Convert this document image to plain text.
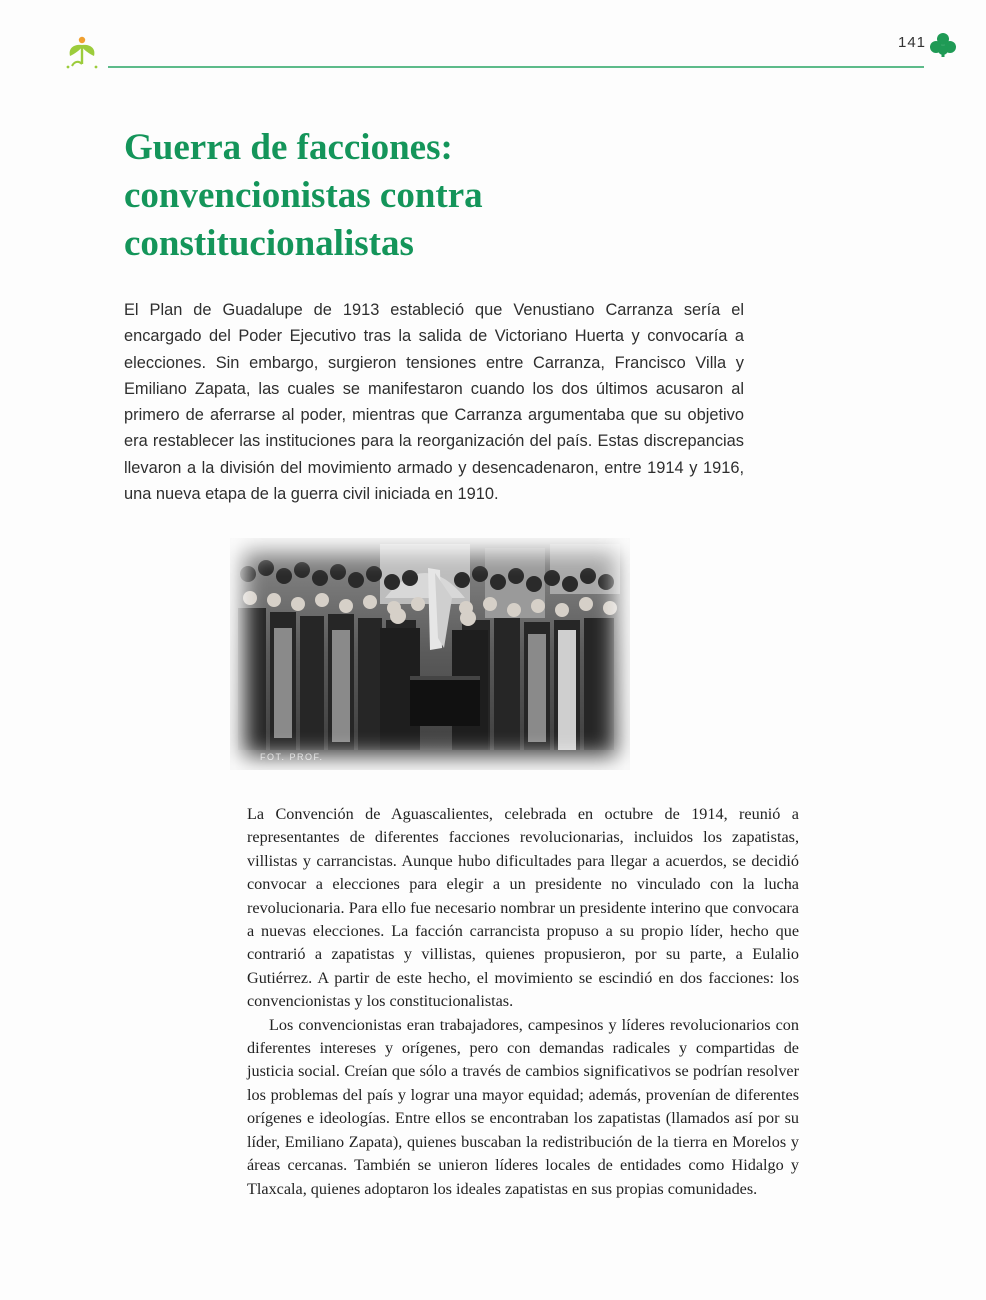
141
Guerra de facciones:
convencionistas contra
constitucionalistas

El Plan de Guadalupe de 1913 estableció que Venustiano Carranza sería el encargado del Poder Ejecutivo tras la salida de Victoriano Huerta y convocaría a elecciones. Sin embargo, surgieron tensiones entre Carranza, Francisco Villa y Emiliano Zapata, las cuales se manifestaron cuando los dos últimos acusaron al primero de aferrarse al poder, mientras que Carranza argumentaba que su objetivo era restablecer las instituciones para la reorganización del país. Estas discrepancias llevaron a la división del movimiento armado y desencadenaron, entre 1914 y 1916, una nueva etapa de la guerra civil iniciada en 1910.

FOT. PROF.

La Convención de Aguascalientes, celebrada en octubre de 1914, reunió a representantes de diferentes facciones revolucionarias, incluidos los zapatistas, villistas y carrancistas. Aunque hubo dificultades para llegar a acuerdos, se decidió convocar a elecciones para elegir a un presidente no vinculado con la lucha revolucionaria. Para ello fue necesario nombrar un presidente interino que convocara a nuevas elecciones. La facción carrancista propuso a su propio líder, hecho que contrarió a zapatistas y villistas, quienes propusieron, por su parte, a Eulalio Gutiérrez. A partir de este hecho, el movimiento se escindió en dos facciones: los convencionistas y los constitucionalistas.

Los convencionistas eran trabajadores, campesinos y líderes revolucionarios con diferentes intereses y orígenes, pero con demandas radicales y compartidas de justicia social. Creían que sólo a través de cambios significativos se podrían resolver los problemas del país y lograr una mayor equidad; además, provenían de diferentes orígenes e ideologías. Entre ellos se encontraban los zapatistas (llamados así por su líder, Emiliano Zapata), quienes buscaban la redistribución de la tierra en Morelos y áreas cercanas. También se unieron líderes locales de entidades como Hidalgo y Tlaxcala, quienes adoptaron los ideales zapatistas en sus propias comunidades.
